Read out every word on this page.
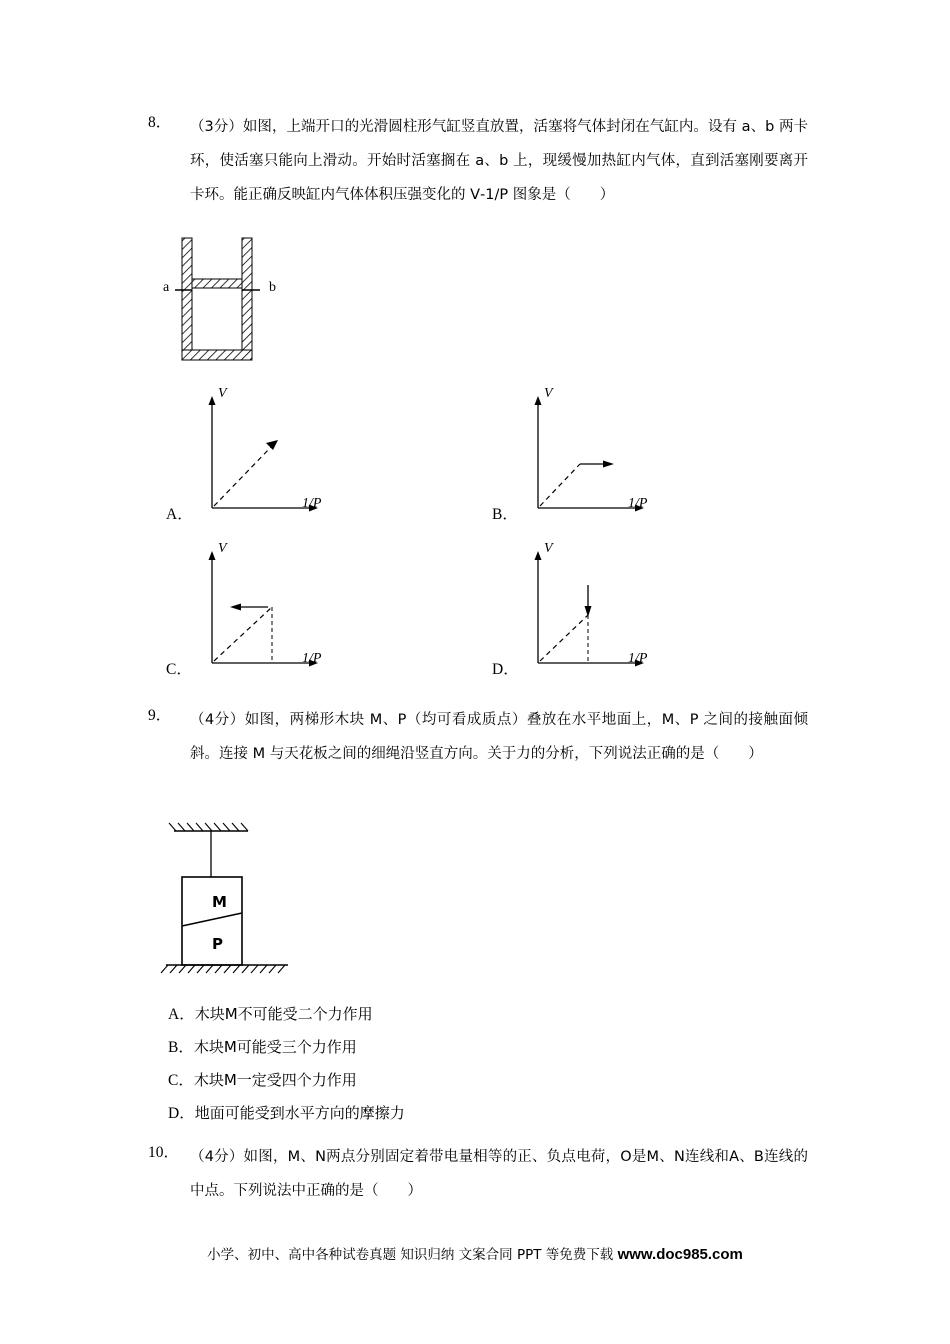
8．	（3分）如图，上端开口的光滑圆柱形气缸竖直放置，活塞将气体封闭在气缸内。设有 a、b 两卡环，使活塞只能向上滑动。开始时活塞搁在 a、b 上，现缓慢加热缸内气体，直到活塞刚要离开卡环。能正确反映缸内气体体积压强变化的 V‑1/P 图象是（　　）
a	b
V
1/P
A．
V
1/P
B．
V
1/P
C．
V
1/P
D．
9．	（4分）如图，两梯形木块 M、P（均可看成质点）叠放在水平地面上，M、P 之间的接触面倾斜。连接 M 与天花板之间的细绳沿竖直方向。关于力的分析，下列说法正确的是（　　）
M
P
A．木块M不可能受二个力作用
B．木块M可能受三个力作用
C．木块M一定受四个力作用
D．地面可能受到水平方向的摩擦力
10． （4分）如图，M、N两点分别固定着带电量相等的正、负点电荷，O是M、N连线和A、B连线的中点。下列说法中正确的是（　　）
小学、初中、高中各种试卷真题 知识归纳 文案合同 PPT 等免费下载 www.doc985.com
